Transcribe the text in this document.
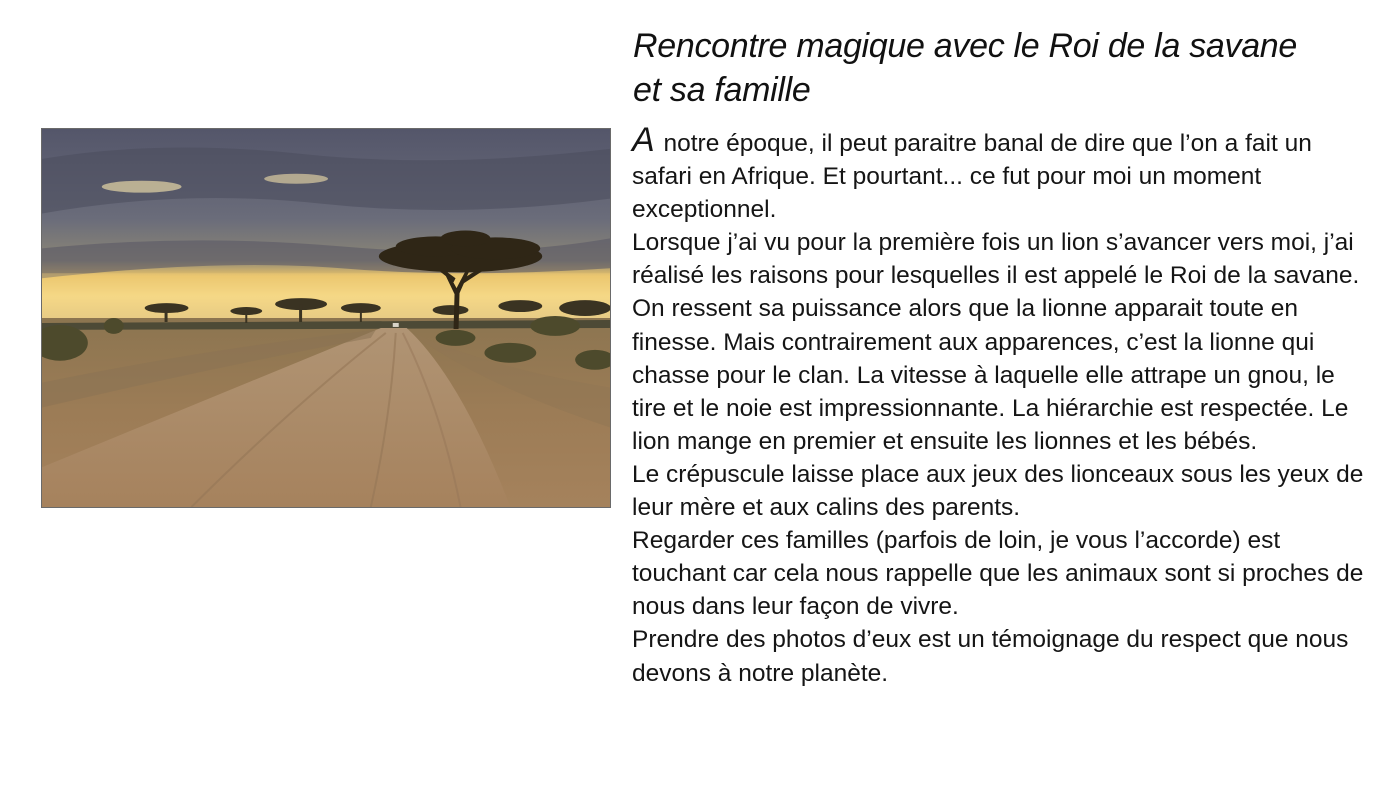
Rencontre magique avec le Roi de la savane
et sa famille

A notre époque, il peut paraitre banal de dire que l’on a fait un safari en Afrique. Et pourtant... ce fut pour moi un moment exceptionnel.

Lorsque j’ai vu pour la première fois un lion s’avancer vers moi, j’ai réalisé les raisons pour lesquelles il est appelé le Roi de la savane. On ressent sa puissance alors que la lionne apparait toute en finesse. Mais contrairement aux apparences, c’est la lionne qui chasse pour le clan. La vitesse à laquelle elle attrape un gnou, le tire et le noie est impressionnante. La hiérarchie est respectée. Le lion mange en premier et ensuite les lionnes et les bébés.

Le crépuscule laisse place aux jeux des lionceaux sous les yeux de leur mère et aux calins des parents.

Regarder ces familles (parfois de loin, je vous l’accorde) est touchant car cela nous rappelle que les animaux sont si proches de nous dans leur façon de vivre.

Prendre des photos d’eux est un témoignage du respect que nous devons à notre planète.
